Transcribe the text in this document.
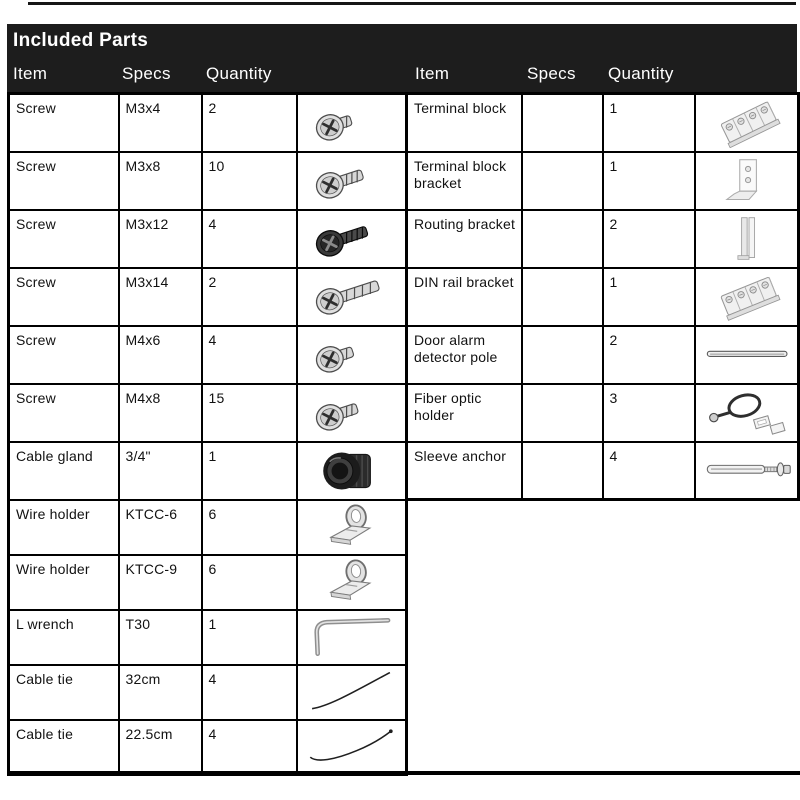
Included Parts
Item	Specs Quantity	Item	Specs Quantity
Screw	M3x4	2	

Screw	M3x8	10	

Screw	M3x12	4	

Screw	M3x14	2	

Screw	M4x6	4	

Screw	M4x8	15	

Cable gland	3/4"	1	

Wire holder	KTCC-6	6	

Wire holder	KTCC-9	6	

L wrench	T30	1	

Cable tie	32cm	4	

Cable tie	22.5cm	4	
Terminal block		1	

Terminal block bracket		1	

Routing bracket		2	

DIN rail bracket		1	

Door alarm detector pole		2	

Fiber optic holder		3	

Sleeve anchor		4	
